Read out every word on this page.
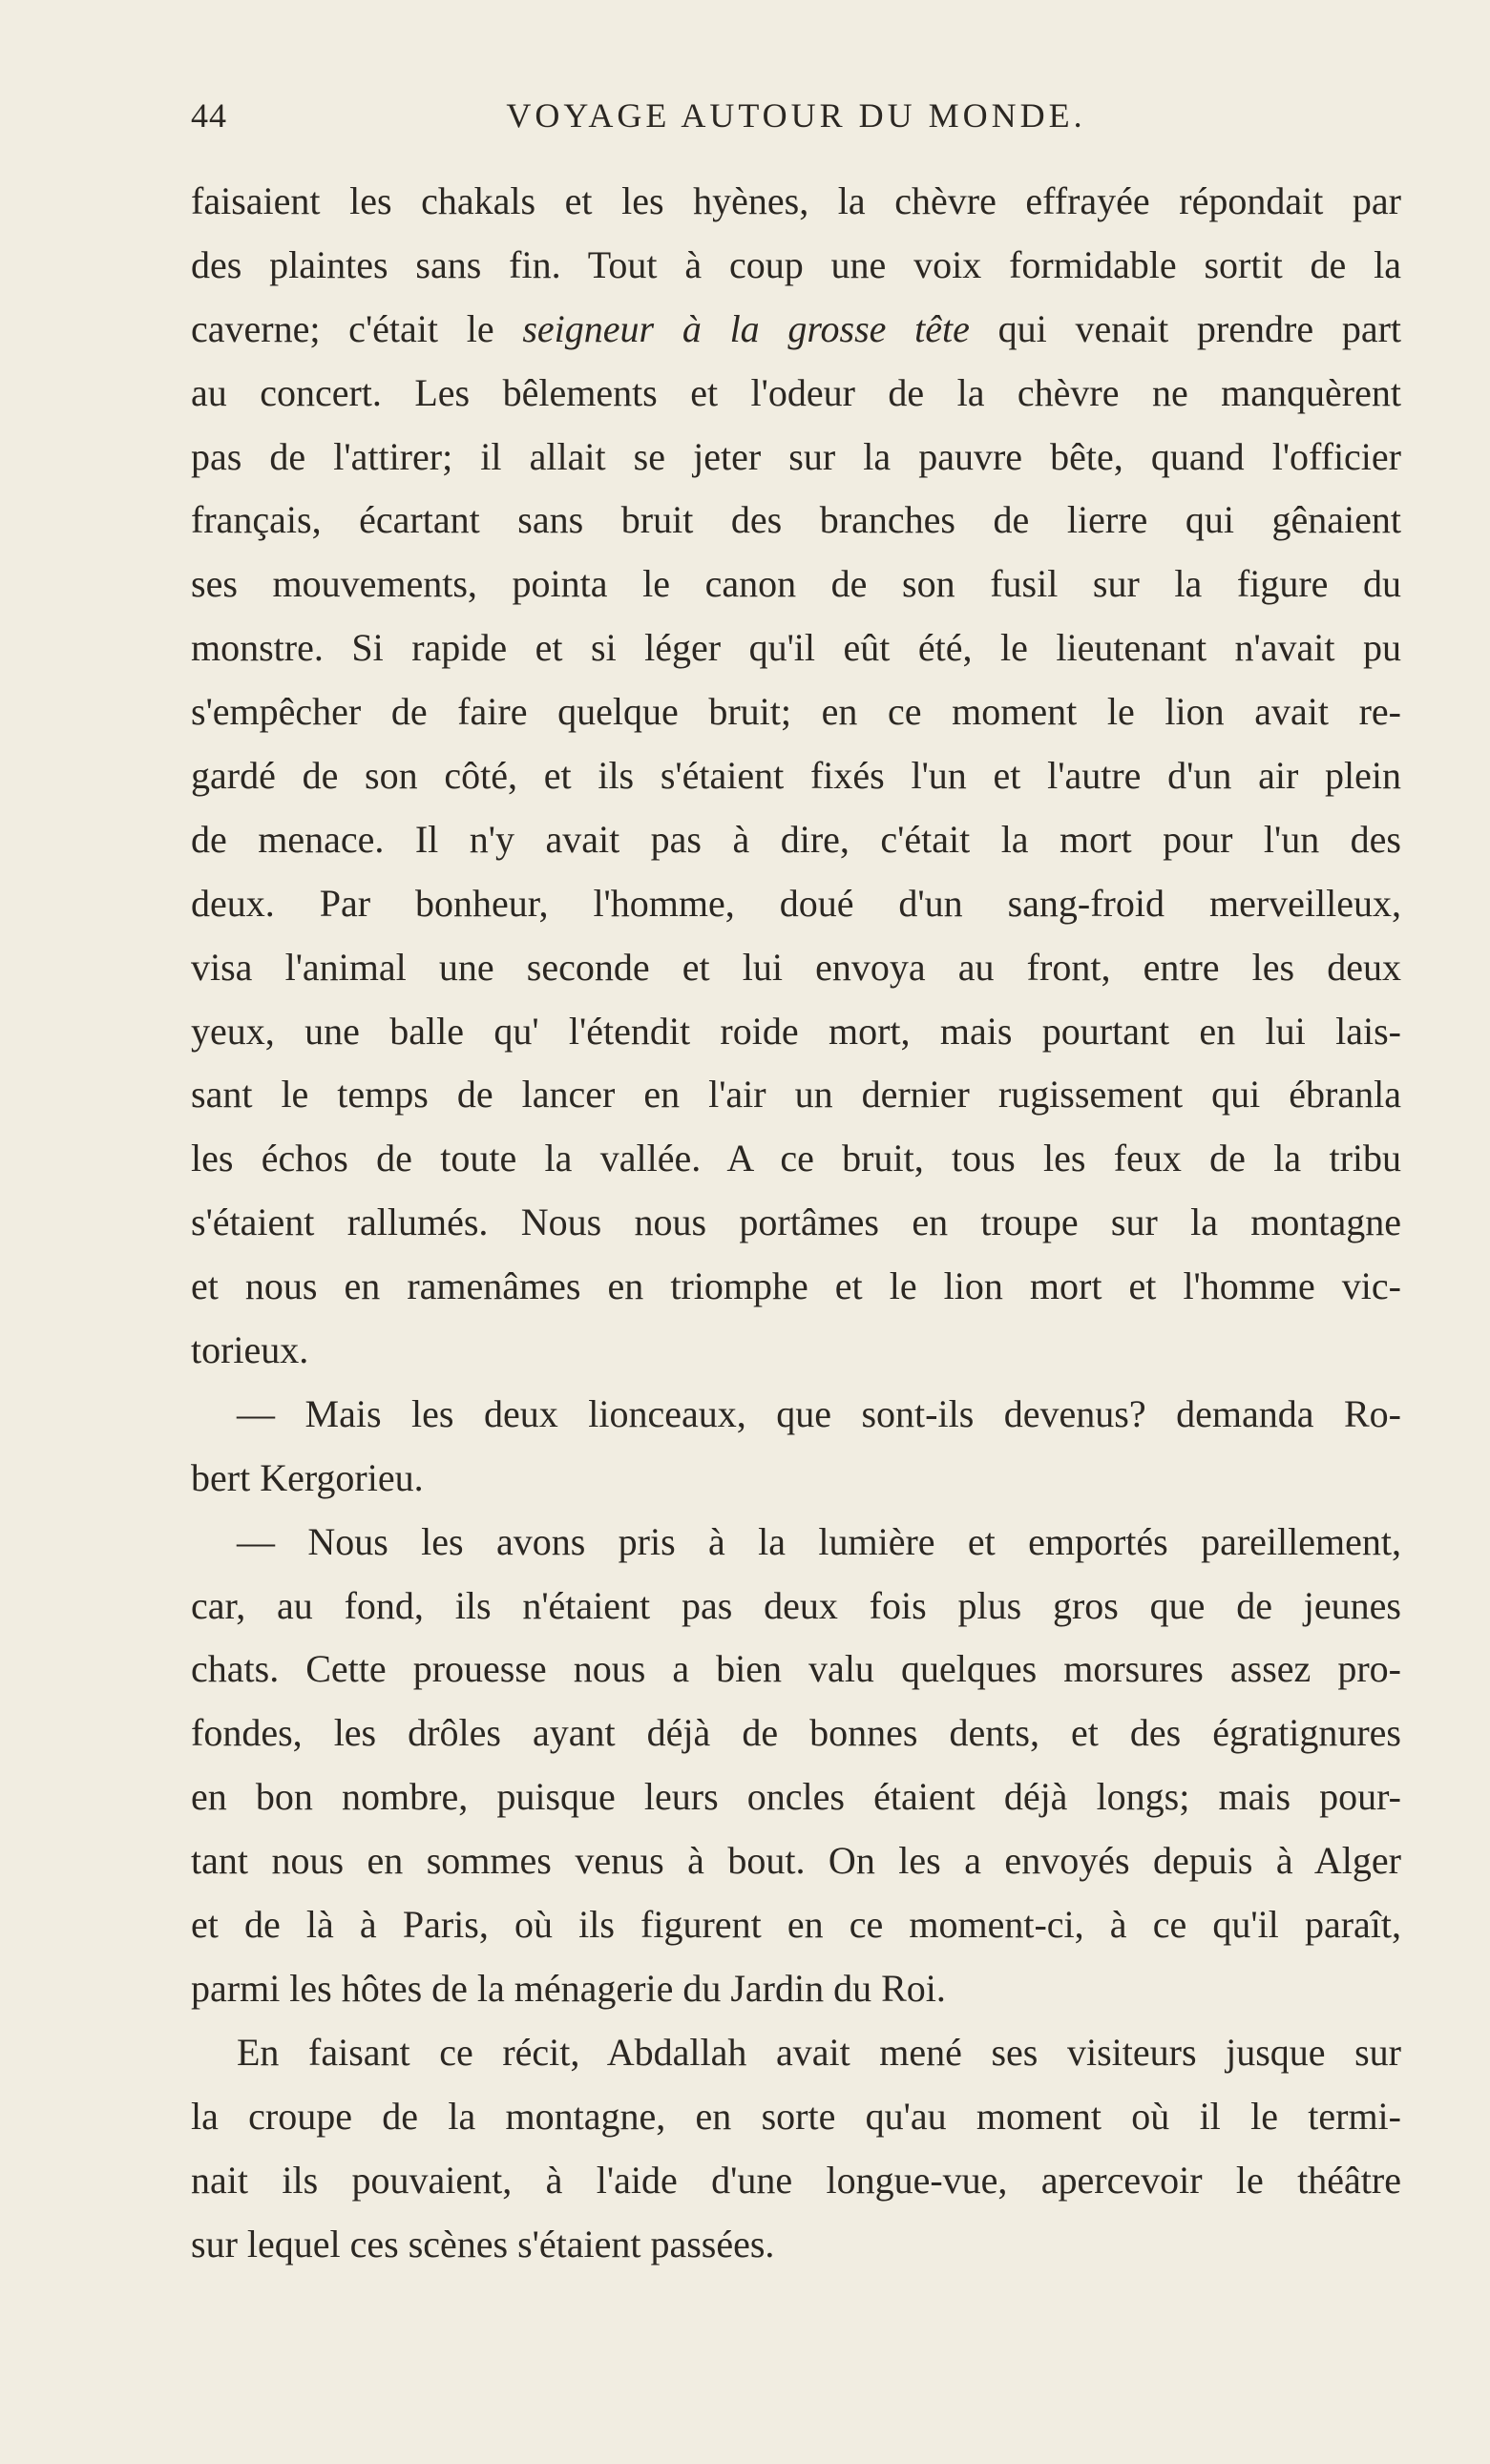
44	VOYAGE AUTOUR DU MONDE.
faisaient les chakals et les hyènes, la chèvre effrayée répondait par
des plaintes sans fin. Tout à coup une voix formidable sortit de la
caverne; c'était le seigneur à la grosse tête qui venait prendre part
au concert. Les bêlements et l'odeur de la chèvre ne manquèrent
pas de l'attirer; il allait se jeter sur la pauvre bête, quand l'officier
français, écartant sans bruit des branches de lierre qui gênaient
ses mouvements, pointa le canon de son fusil sur la figure du
monstre. Si rapide et si léger qu'il eût été, le lieutenant n'avait pu
s'empêcher de faire quelque bruit; en ce moment le lion avait re-
gardé de son côté, et ils s'étaient fixés l'un et l'autre d'un air plein
de menace. Il n'y avait pas à dire, c'était la mort pour l'un des
deux. Par bonheur, l'homme, doué d'un sang-froid merveilleux,
visa l'animal une seconde et lui envoya au front, entre les deux
yeux, une balle qu' l'étendit roide mort, mais pourtant en lui lais-
sant le temps de lancer en l'air un dernier rugissement qui ébranla
les échos de toute la vallée. A ce bruit, tous les feux de la tribu
s'étaient rallumés. Nous nous portâmes en troupe sur la montagne
et nous en ramenâmes en triomphe et le lion mort et l'homme vic-
torieux.
— Mais les deux lionceaux, que sont-ils devenus? demanda Ro-
bert Kergorieu.
— Nous les avons pris à la lumière et emportés pareillement,
car, au fond, ils n'étaient pas deux fois plus gros que de jeunes
chats. Cette prouesse nous a bien valu quelques morsures assez pro-
fondes, les drôles ayant déjà de bonnes dents, et des égratignures
en bon nombre, puisque leurs oncles étaient déjà longs; mais pour-
tant nous en sommes venus à bout. On les a envoyés depuis à Alger
et de là à Paris, où ils figurent en ce moment-ci, à ce qu'il paraît,
parmi les hôtes de la ménagerie du Jardin du Roi.
En faisant ce récit, Abdallah avait mené ses visiteurs jusque sur
la croupe de la montagne, en sorte qu'au moment où il le termi-
nait ils pouvaient, à l'aide d'une longue-vue, apercevoir le théâtre
sur lequel ces scènes s'étaient passées.
